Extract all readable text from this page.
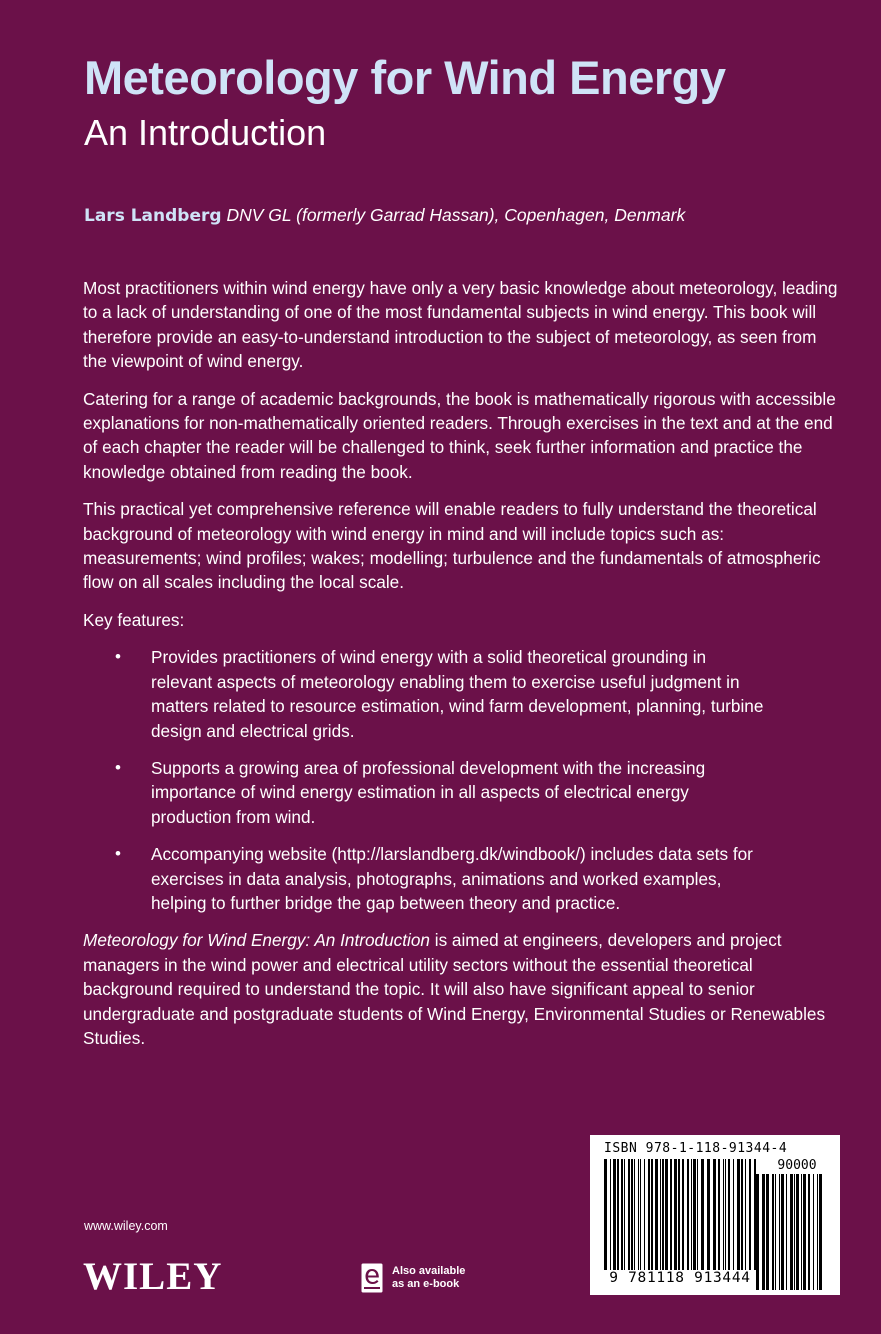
Meteorology for Wind Energy
An Introduction
Lars Landberg DNV GL (formerly Garrad Hassan), Copenhagen, Denmark

Most practitioners within wind energy have only a very basic knowledge about meteorology, leading to a lack of understanding of one of the most fundamental subjects in wind energy. This book will therefore provide an easy-to-understand introduction to the subject of meteorology, as seen from the viewpoint of wind energy.

Catering for a range of academic backgrounds, the book is mathematically rigorous with accessible explanations for non-mathematically oriented readers. Through exercises in the text and at the end of each chapter the reader will be challenged to think, seek further information and practice the knowledge obtained from reading the book.

This practical yet comprehensive reference will enable readers to fully understand the theoretical background of meteorology with wind energy in mind and will include topics such as: measurements; wind profiles; wakes; modelling; turbulence and the fundamentals of atmospheric flow on all scales including the local scale.

Key features:

• Provides practitioners of wind energy with a solid theoretical grounding in relevant aspects of meteorology enabling them to exercise useful judgment in matters related to resource estimation, wind farm development, planning, turbine design and electrical grids.
• Supports a growing area of professional development with the increasing importance of wind energy estimation in all aspects of electrical energy production from wind.
• Accompanying website (http://larslandberg.dk/windbook/) includes data sets for exercises in data analysis, photographs, animations and worked examples, helping to further bridge the gap between theory and practice.

Meteorology for Wind Energy: An Introduction is aimed at engineers, developers and project managers in the wind power and electrical utility sectors without the essential theoretical background required to understand the topic. It will also have significant appeal to senior undergraduate and postgraduate students of Wind Energy, Environmental Studies or Renewables Studies.

www.wiley.com
WILEY	Also available
as an e-book
ISBN 978-1-118-91344-4
90000
9 781118 913444
